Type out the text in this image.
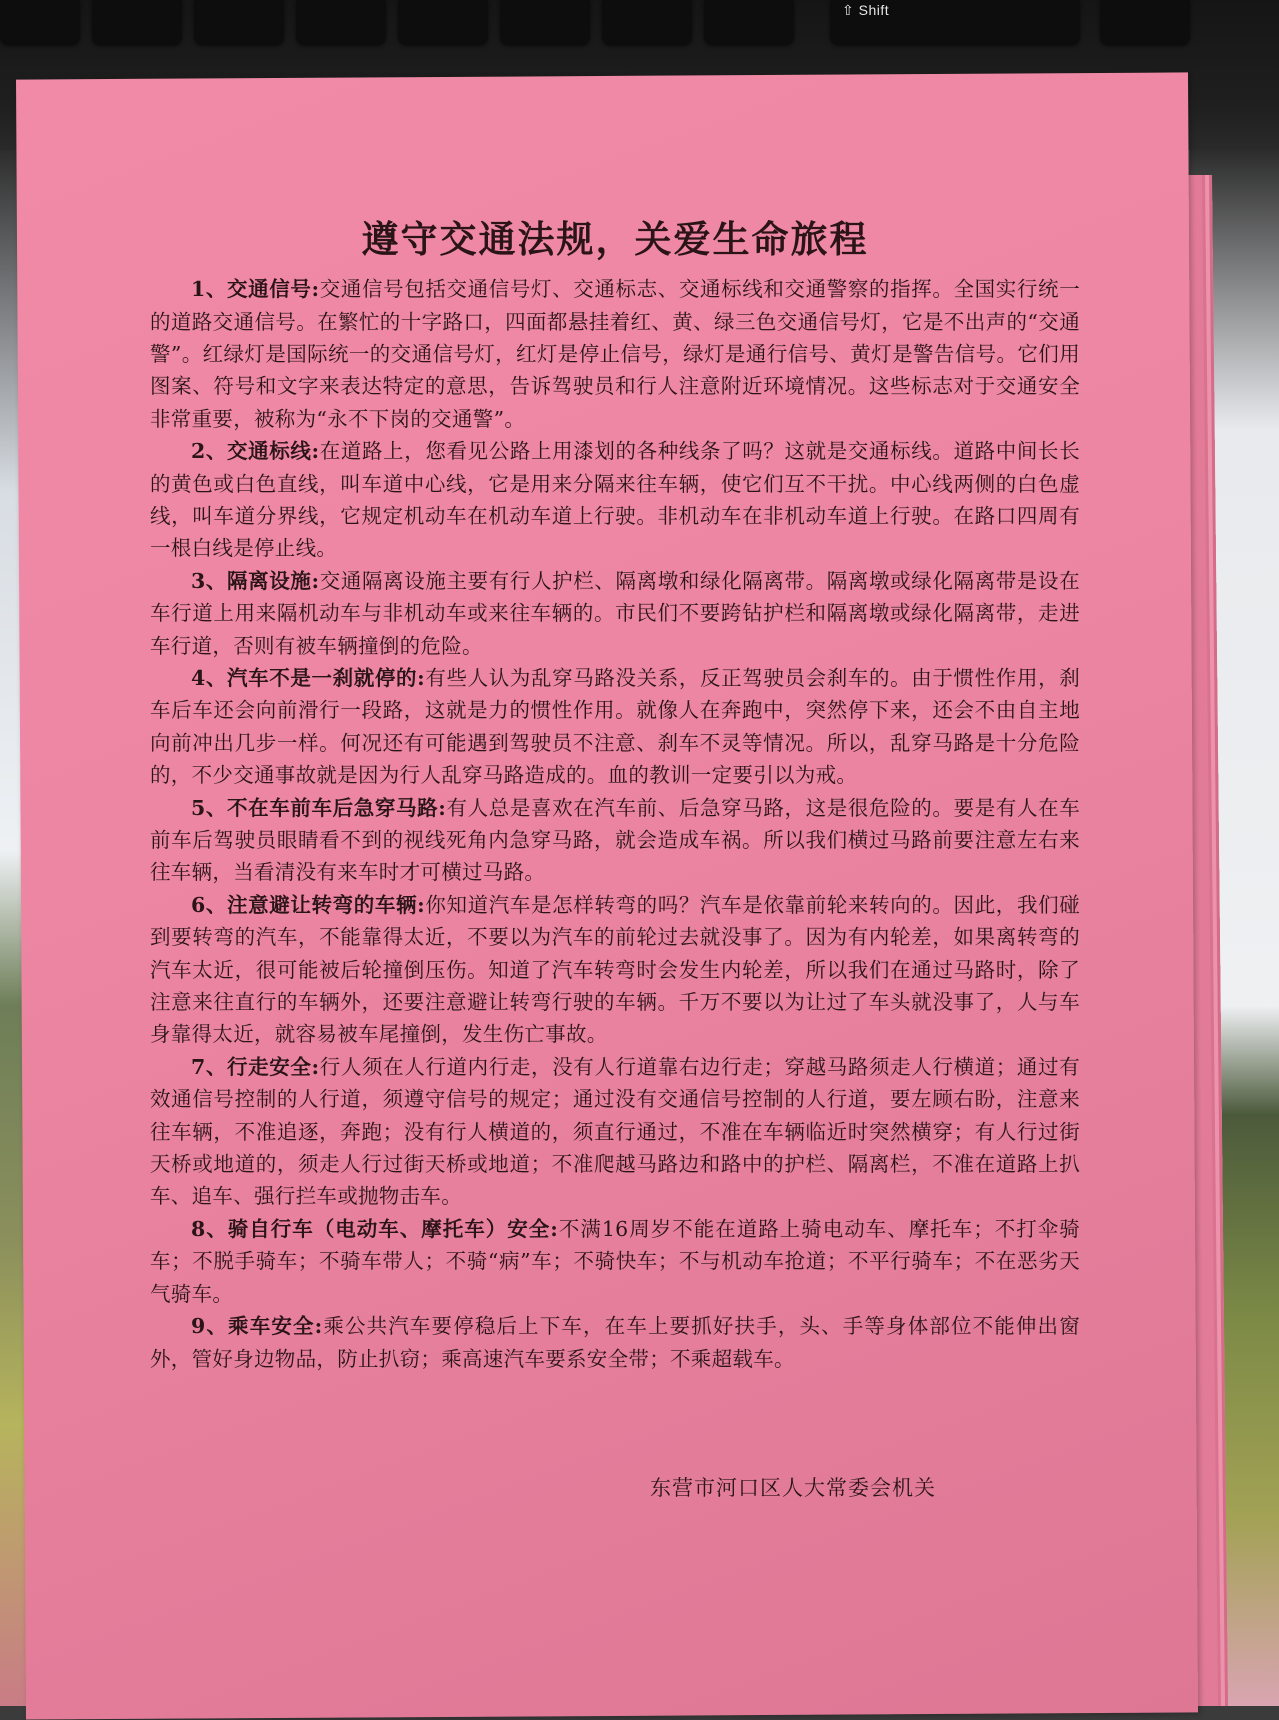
⇧ Shift
遵守交通法规，关爱生命旅程

1、交通信号:交通信号包括交通信号灯、交通标志、交通标线和交通警察的指挥。全国实行统一的道路交通信号。在繁忙的十字路口，四面都悬挂着红、黄、绿三色交通信号灯，它是不出声的“交通警”。红绿灯是国际统一的交通信号灯，红灯是停止信号，绿灯是通行信号、黄灯是警告信号。它们用图案、符号和文字来表达特定的意思，告诉驾驶员和行人注意附近环境情况。这些标志对于交通安全非常重要，被称为“永不下岗的交通警”。

2、交通标线:在道路上，您看见公路上用漆划的各种线条了吗？这就是交通标线。道路中间长长的黄色或白色直线，叫车道中心线，它是用来分隔来往车辆，使它们互不干扰。中心线两侧的白色虚线，叫车道分界线，它规定机动车在机动车道上行驶。非机动车在非机动车道上行驶。在路口四周有一根白线是停止线。

3、隔离设施:交通隔离设施主要有行人护栏、隔离墩和绿化隔离带。隔离墩或绿化隔离带是设在车行道上用来隔机动车与非机动车或来往车辆的。市民们不要跨钻护栏和隔离墩或绿化隔离带，走进车行道，否则有被车辆撞倒的危险。

4、汽车不是一刹就停的:有些人认为乱穿马路没关系，反正驾驶员会刹车的。由于惯性作用，刹车后车还会向前滑行一段路，这就是力的惯性作用。就像人在奔跑中，突然停下来，还会不由自主地向前冲出几步一样。何况还有可能遇到驾驶员不注意、刹车不灵等情况。所以，乱穿马路是十分危险的，不少交通事故就是因为行人乱穿马路造成的。血的教训一定要引以为戒。

5、不在车前车后急穿马路:有人总是喜欢在汽车前、后急穿马路，这是很危险的。要是有人在车前车后驾驶员眼睛看不到的视线死角内急穿马路，就会造成车祸。所以我们横过马路前要注意左右来往车辆，当看清没有来车时才可横过马路。

6、注意避让转弯的车辆:你知道汽车是怎样转弯的吗？汽车是依靠前轮来转向的。因此，我们碰到要转弯的汽车，不能靠得太近，不要以为汽车的前轮过去就没事了。因为有内轮差，如果离转弯的汽车太近，很可能被后轮撞倒压伤。知道了汽车转弯时会发生内轮差，所以我们在通过马路时，除了注意来往直行的车辆外，还要注意避让转弯行驶的车辆。千万不要以为让过了车头就没事了，人与车身靠得太近，就容易被车尾撞倒，发生伤亡事故。

7、行走安全:行人须在人行道内行走，没有人行道靠右边行走；穿越马路须走人行横道；通过有效通信号控制的人行道，须遵守信号的规定；通过没有交通信号控制的人行道，要左顾右盼，注意来往车辆，不准追逐，奔跑；没有行人横道的，须直行通过，不准在车辆临近时突然横穿；有人行过街天桥或地道的，须走人行过街天桥或地道；不准爬越马路边和路中的护栏、隔离栏，不准在道路上扒车、追车、强行拦车或抛物击车。

8、骑自行车（电动车、摩托车）安全:不满16周岁不能在道路上骑电动车、摩托车；不打伞骑车；不脱手骑车；不骑车带人；不骑“病”车；不骑快车；不与机动车抢道；不平行骑车；不在恶劣天气骑车。

9、乘车安全:乘公共汽车要停稳后上下车，在车上要抓好扶手，头、手等身体部位不能伸出窗外，管好身边物品，防止扒窃；乘高速汽车要系安全带；不乘超载车。

东营市河口区人大常委会机关
